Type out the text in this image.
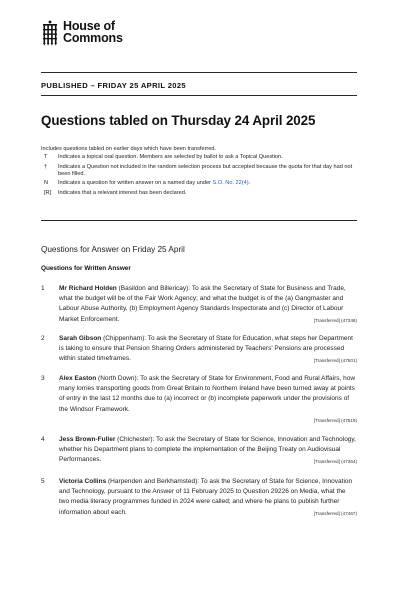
House of
Commons
PUBLISHED – FRIDAY 25 APRIL 2025
Questions tabled on Thursday 24 April 2025
Includes questions tabled on earlier days which have been transferred.
T	Indicates a topical oral question. Members are selected by ballot to ask a Topical Question.
†	Indicates a Question not included in the random selection process but accepted because the quota for that day had not been filled.
N	Indicates a question for written answer on a named day under S.O. No. 22(4).
[R]	Indicates that a relevant interest has been declared.
Questions for Answer on Friday 25 April
Questions for Written Answer
1	Mr Richard Holden (Basildon and Billericay): To ask the Secretary of State for Business and Trade, what the budget will be of the Fair Work Agency; and what the budget is of the (a) Gangmaster and Labour Abuse Authority, (b) Employment Agency Standards Inspectorate and (c) Director of Labour Market Enforcement.	[Transferred] (47348)
2	Sarah Gibson (Chippenham): To ask the Secretary of State for Education, what steps her Department is taking to ensure that Pension Sharing Orders administered by Teachers' Pensions are processed within stated timeframes.	[Transferred] (47501)
3	Alex Easton (North Down): To ask the Secretary of State for Environment, Food and Rural Affairs, how many lorries transporting goods from Great Britain to Northern Ireland have been turned away at points of entry in the last 12 months due to (a) incorrect or (b) incomplete paperwork under the provisions of the Windsor Framework.
[Transferred] (47519)
4	Jess Brown-Fuller (Chichester): To ask the Secretary of State for Science, Innovation and Technology, whether his Department plans to complete the implementation of the Beijing Treaty on Audiovisual Performances.	[Transferred] (47364)
5	Victoria Collins (Harpenden and Berkhamsted): To ask the Secretary of State for Science, Innovation and Technology, pursuant to the Answer of 11 February 2025 to Question 29226 on Media, what the two media literacy programmes funded in 2024 were called; and where he plans to publish further information about each.	[Transferred] (47467)
